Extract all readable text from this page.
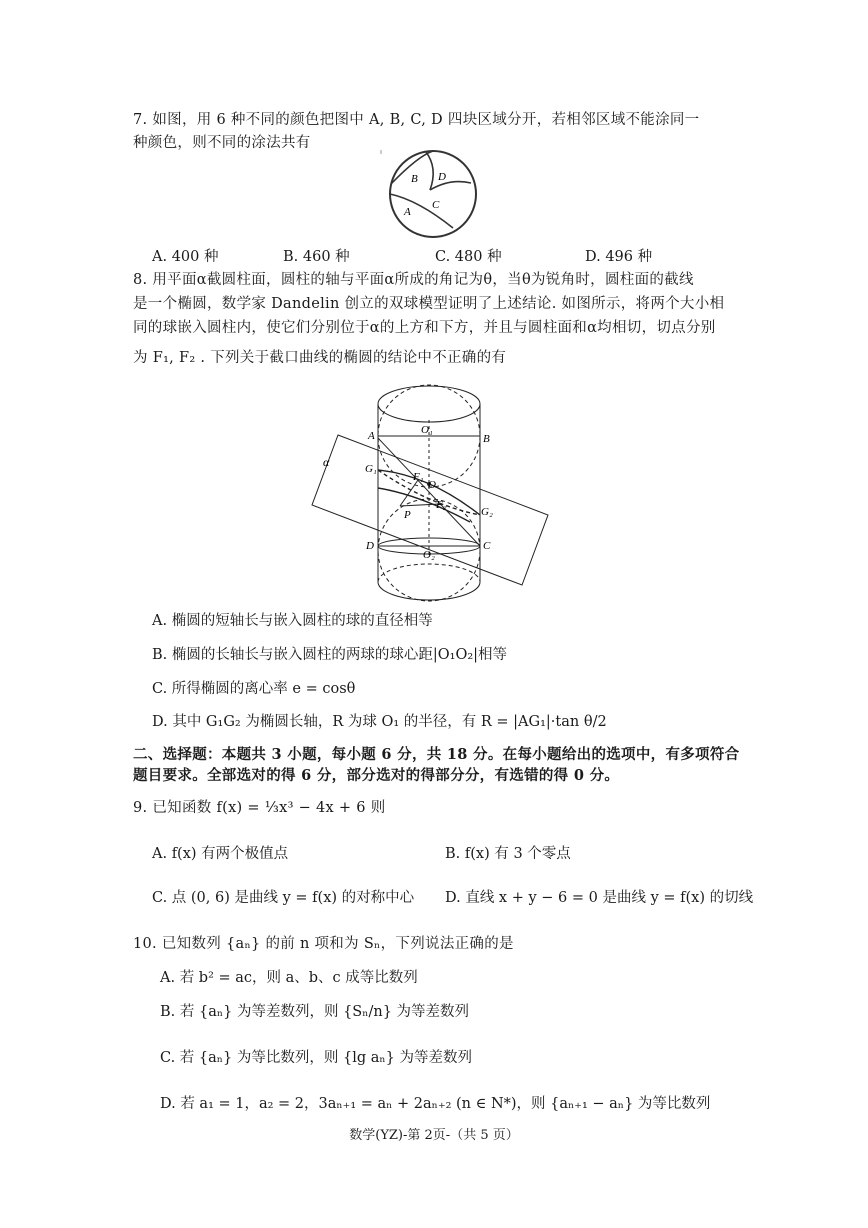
7. 如图，用 6 种不同的颜色把图中 A, B, C, D 四块区域分开，若相邻区域不能涂同一
种颜色，则不同的涂法共有
B D
C
A
A. 400 种	B. 460 种	C. 480 种	D. 496 种
8. 用平面α截圆柱面，圆柱的轴与平面α所成的角记为θ，当θ为锐角时，圆柱面的截线
是一个椭圆，数学家 Dandelin 创立的双球模型证明了上述结论. 如图所示，将两个大小相
同的球嵌入圆柱内，使它们分别位于α的上方和下方，并且与圆柱面和α均相切，切点分别
为 F₁, F₂ . 下列关于截口曲线的椭圆的结论中不正确的有
α
A	B
O₁
G₁
O
F₁
F₂
G₂
P
D	C
O₂
A. 椭圆的短轴长与嵌入圆柱的球的直径相等
B. 椭圆的长轴长与嵌入圆柱的两球的球心距|O₁O₂|相等
C. 所得椭圆的离心率 e = cosθ
D. 其中 G₁G₂ 为椭圆长轴，R 为球 O₁ 的半径，有 R = |AG₁|·tan θ/2
二、选择题：本题共 3 小题，每小题 6 分，共 18 分。在每小题给出的选项中，有多项符合
题目要求。全部选对的得 6 分，部分选对的得部分分，有选错的得 0 分。
9. 已知函数 f(x) = ⅓x³ − 4x + 6 则
A. f(x) 有两个极值点	B. f(x) 有 3 个零点
C. 点 (0, 6) 是曲线 y = f(x) 的对称中心 D. 直线 x + y − 6 = 0 是曲线 y = f(x) 的切线
10. 已知数列 {aₙ} 的前 n 项和为 Sₙ，下列说法正确的是
A. 若 b² = ac，则 a、b、c 成等比数列
B. 若 {aₙ} 为等差数列，则 {Sₙ/n} 为等差数列
C. 若 {aₙ} 为等比数列，则 {lg aₙ} 为等差数列
D. 若 a₁ = 1，a₂ = 2，3aₙ₊₁ = aₙ + 2aₙ₊₂ (n ∈ N*)，则 {aₙ₊₁ − aₙ} 为等比数列
数学(YZ)-第 2页-（共 5 页）
